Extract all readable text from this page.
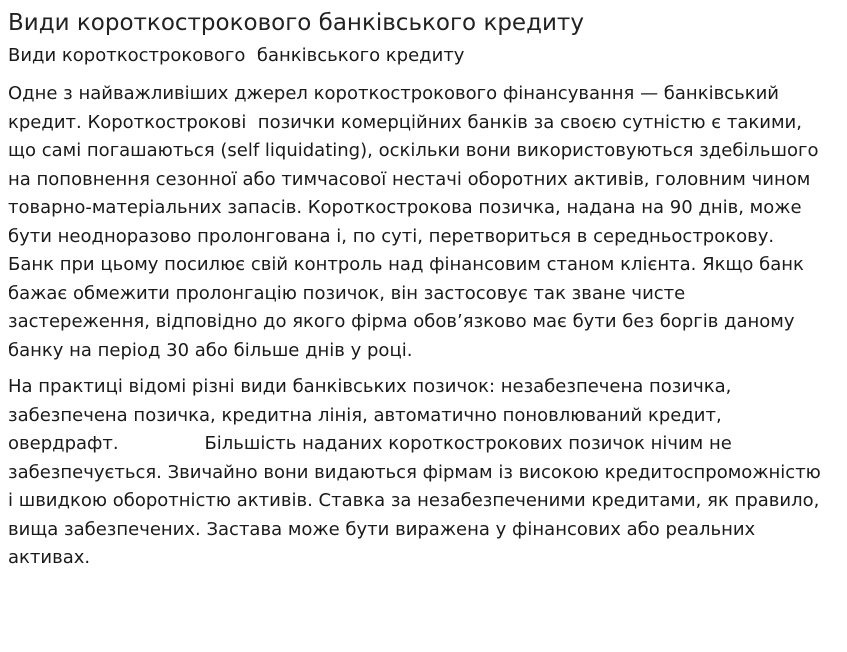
Види короткострокового банківського кредиту
Види короткострокового  банківського кредиту

Одне з найважливіших джерел короткострокового фінансування — банківський кредит. Короткострокові  позички комерційних банків за своєю сутністю є такими, що самі погашаються (self liquidating), оскільки вони використовуються здебільшого на поповнення сезонної або тимчасової нестачі оборотних активів, головним чином товарно-матеріальних запасів. Короткострокова позичка, надана на 90 днів, може бути неодноразово пролонгована і, по суті, перетвориться в середньострокову. Банк при цьому посилює свій контроль над фінансовим станом клієнта. Якщо банк бажає обмежити пролонгацію позичок, він застосовує так зване чисте застереження, відповідно до якого фірма обов’язково має бути без боргів даному банку на період 30 або більше днів у році.

На практиці відомі різні види банківських позичок: незабезпечена позичка, забезпечена позичка, кредитна лінія, автоматично поновлюваний кредит, овердрафт.               Більшість наданих короткострокових позичок нічим не забезпечується. Звичайно вони видаються фірмам із високою кредитоспроможністю і швидкою оборотністю активів. Ставка за незабезпеченими кредитами, як правило, вища забезпечених. Застава може бути виражена у фінансових або реальних активах.
